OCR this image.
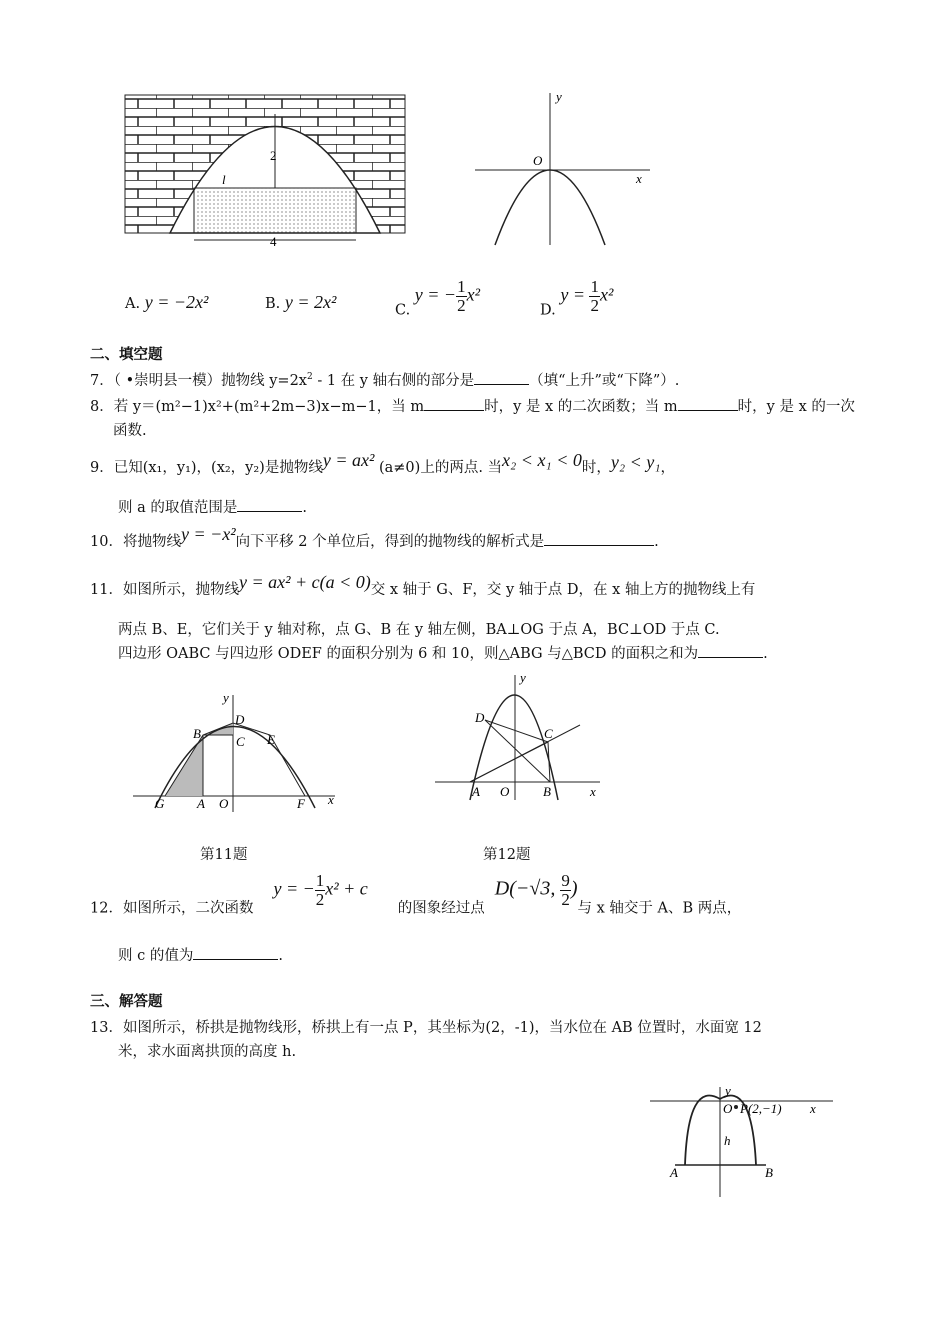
2
l
4
O
x
y
A. y = −2x²	B. y = 2x²	C. y = − $\frac{1}{2} x^2$
D. $y = \frac{1}{2} x^2$
二、填空题
7．（ •崇明县一模）抛物线 $y=2x^2 - 1$ 在 y 轴右侧的部分是	（填“上升”或“下降”）.
8．若 y＝(m²−1)x²+(m²+2m−3)x−m−1，当 m	时，y 是 x 的二次函数；当 m	时，y 是 x 的一次
函数.
9．已知(x₁，y₁)，(x₂，y₂)是抛物线y = ax² (a≠0)上的两点. 当x₂ < x₁ < 0时，y₂ < y₁，
则 a 的取值范围是	.
10．将抛物线y = −x²向下平移 2 个单位后，得到的抛物线的解析式是	.
11．如图所示，抛物线y = ax² + c(a < 0)交 x 轴于 G、F，交 y 轴于点 D，在 x 轴上方的抛物线上有
两点 B、E，它们关于 y 轴对称，点 G、B 在 y 轴左侧，BA⊥OG 于点 A，BC⊥OD 于点 C.
四边形 OABC 与四边形 ODEF 的面积分别为 6 和 10，则△ABG 与△BCD 的面积之和为	.
y
D
B
C E
G	A O	F x
第11题
y
D
C
A O	B	x
第12题
12．如图所示，二次函数y = − $\frac{1}{2} x^2 + c$的图象经过点D(−√3, $\frac{9}{2}$ )与 x 轴交于 A、B 两点，
则 c 的值为	.
三、解答题
13．如图所示，桥拱是抛物线形，桥拱上有一点 P，其坐标为(2，-1)，当水位在 AB 位置时，水面宽 12
米，求水面离拱顶的高度 h.
y
O P(2,−1) x
h
A	B
